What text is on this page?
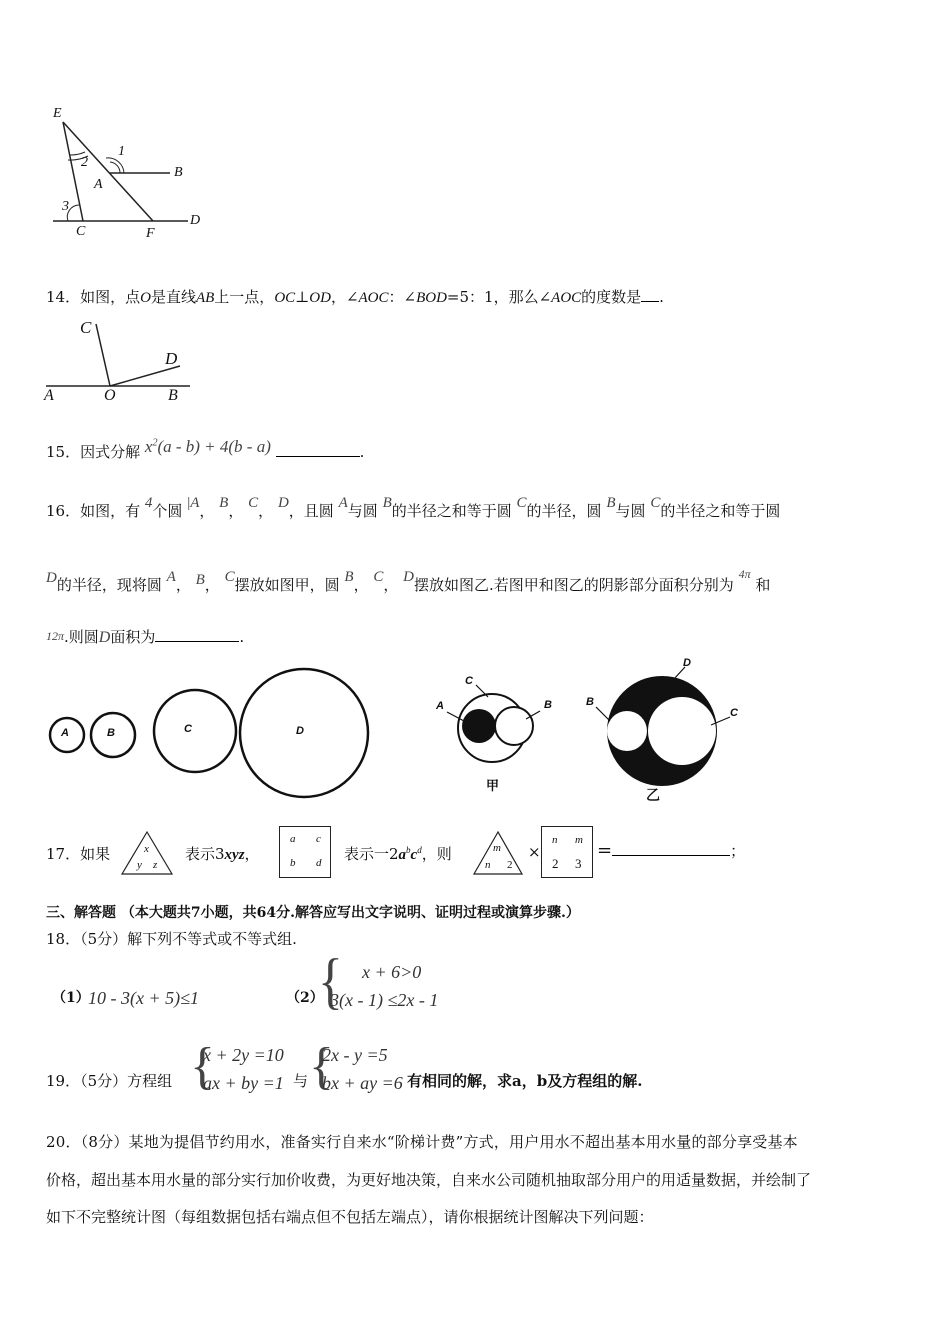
E
1
2
B
A
3
C	F
D
14．如图，点O是直线AB上一点，OC⊥OD，∠AOC：∠BOD=5：1，那么∠AOC的度数是 .
C
D
A	O	B
15．因式分解 $x^2(a - b) + 4(b - a)$	.
16．如图，有 4个圆 |A， B， C， D，且圆 A与圆 B的半径之和等于圆 C的半径，圆 B与圆 C的半径之和等于圆
D的半径，现将圆 A， B， C摆放如图甲，圆 B， C， D摆放如图乙.若图甲和图乙的阴影部分面积分别为 $^{4\pi}$ 和
12π.则圆D面积为	.
A	B	C	D
A
C
B
甲
B
D
C
乙
17．如果	x
y z
表示3xyz，
a c
b d 表示一$2a^bc^d$，则	m
n 2
×
n m
2 3
=	；
三、解答题 （本大题共7小题，共64分.解答应写出文字说明、证明过程或演算步骤.）
18．（5分）解下列不等式或不等式组.
（1）
10 - 3(x + 5)≤1	（2）
{ x + 6>0
3(x - 1) ≤2x - 1
19．（5分）方程组 {
x + 2y =10
ax + by =1 与 {
2x - y =5
bx + ay =6 有相同的解，求a，b及方程组的解.
20．（8分）某地为提倡节约用水，准备实行自来水“阶梯计费”方式，用户用水不超出基本用水量的部分享受基本
价格，超出基本用水量的部分实行加价收费，为更好地决策，自来水公司随机抽取部分用户的用适量数据，并绘制了
如下不完整统计图（每组数据包括右端点但不包括左端点），请你根据统计图解决下列问题：
